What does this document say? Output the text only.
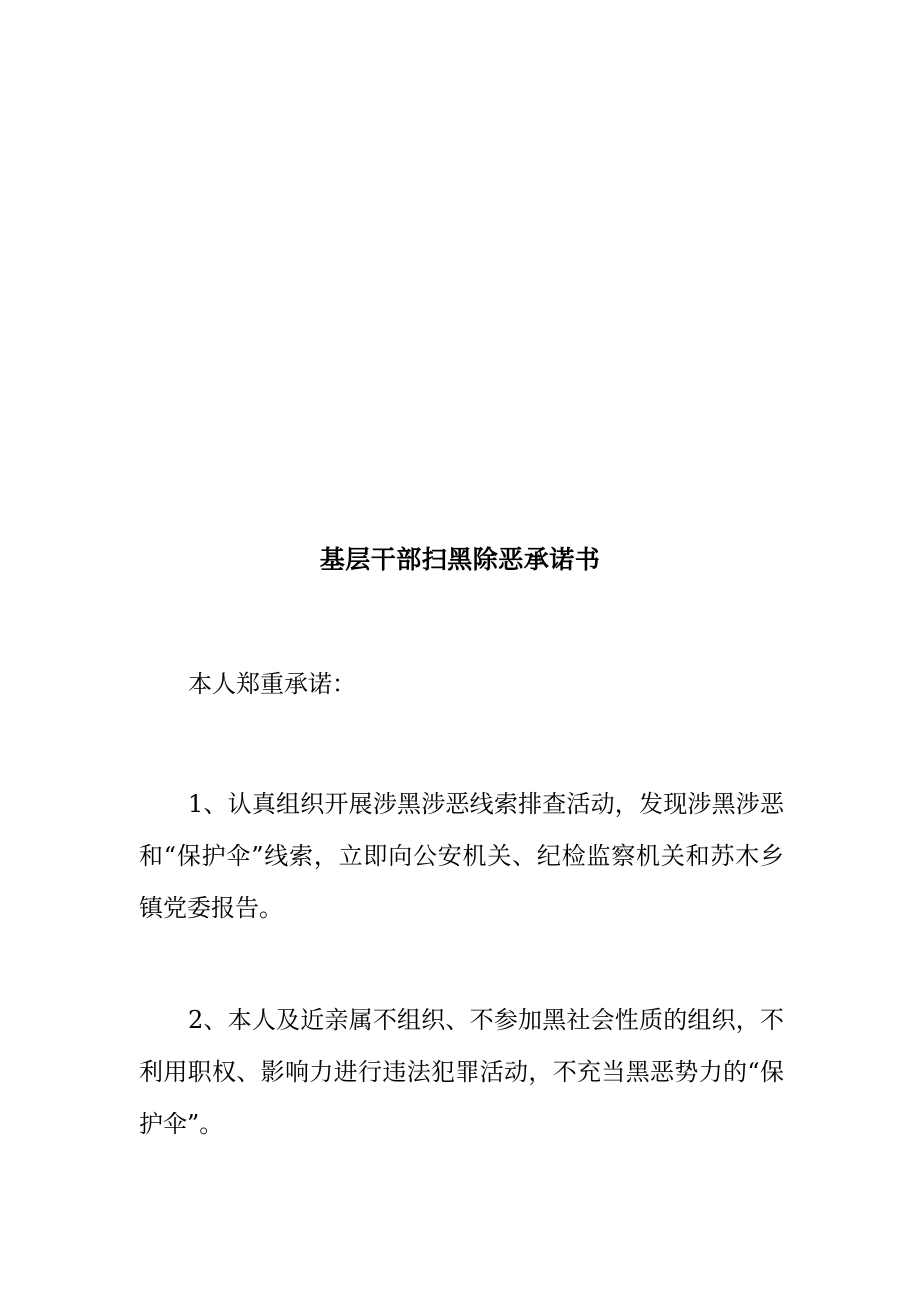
基层干部扫黑除恶承诺书

本人郑重承诺：

1、认真组织开展涉黑涉恶线索排查活动，发现涉黑涉恶和“保护伞”线索，立即向公安机关、纪检监察机关和苏木乡镇党委报告。

2、本人及近亲属不组织、不参加黑社会性质的组织，不利用职权、影响力进行违法犯罪活动，不充当黑恶势力的“保护伞”。
